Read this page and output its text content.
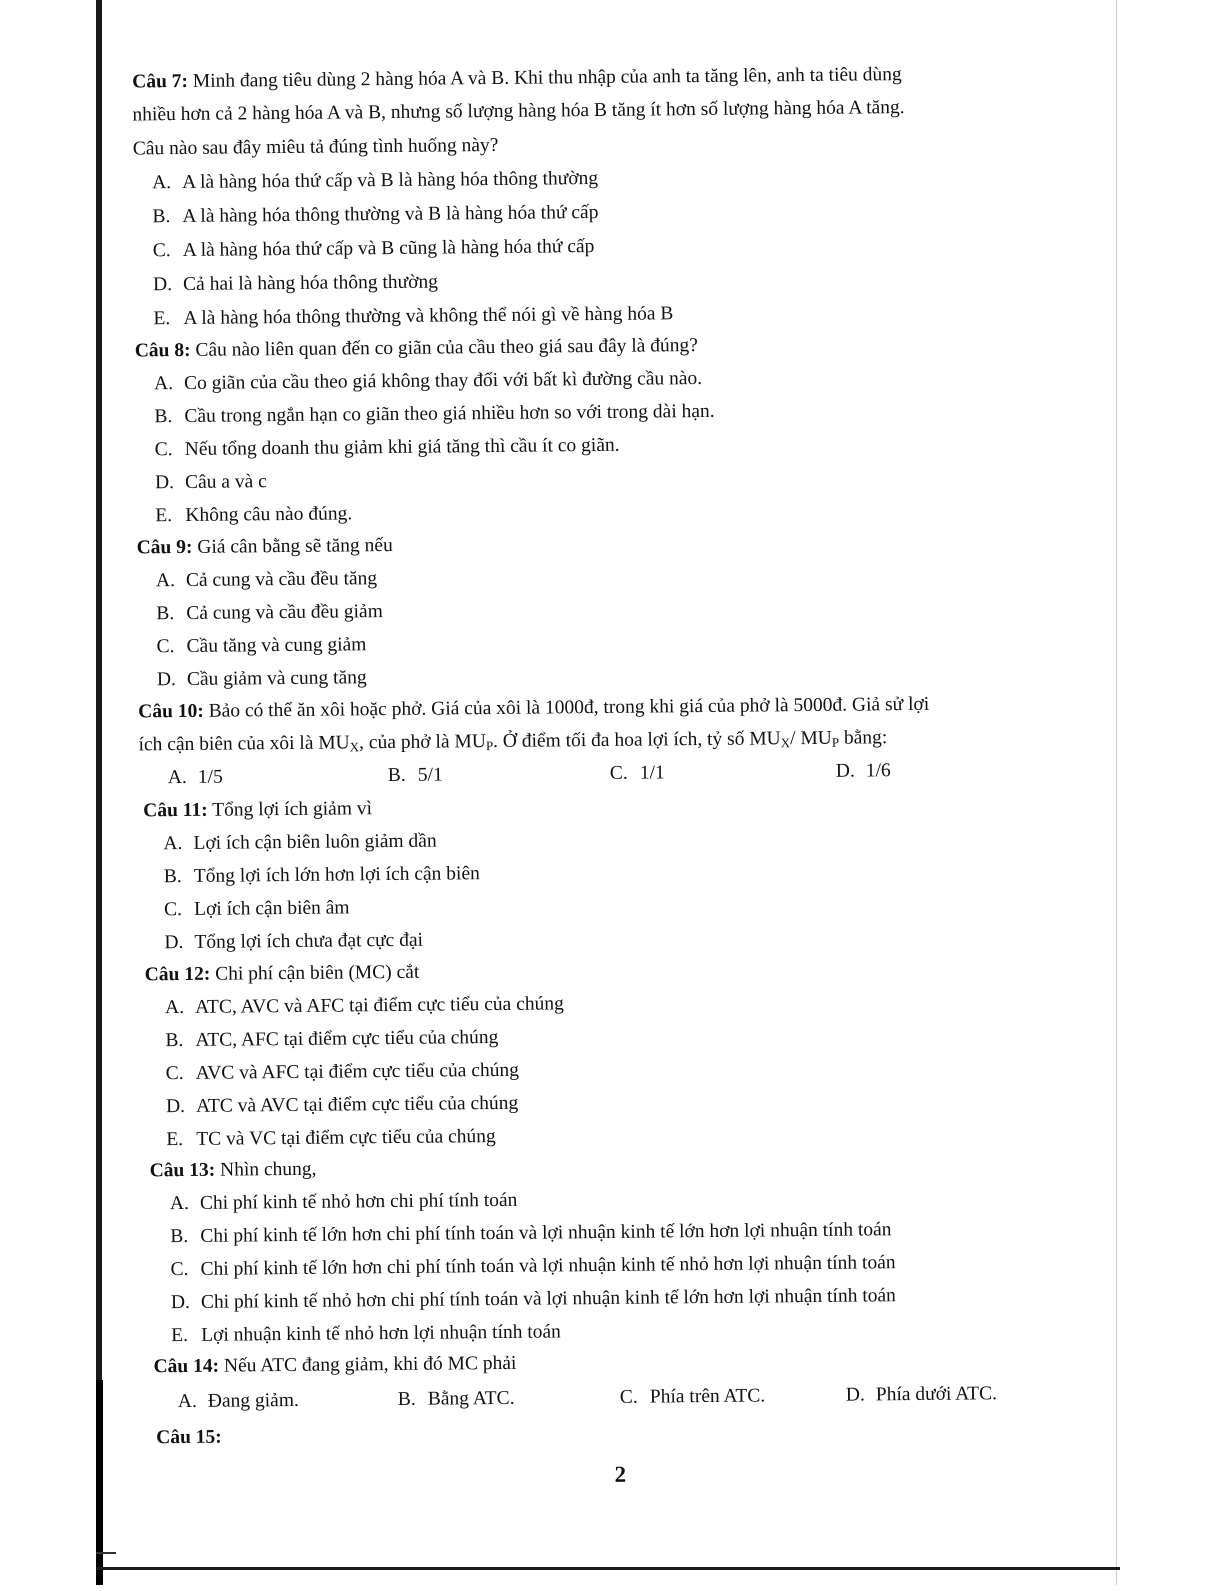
Câu 7: Minh đang tiêu dùng 2 hàng hóa A và B. Khi thu nhập của anh ta tăng lên, anh ta tiêu dùng
nhiều hơn cả 2 hàng hóa A và B, nhưng số lượng hàng hóa B tăng ít hơn số lượng hàng hóa A tăng.
Câu nào sau đây miêu tả đúng tình huống này?
A. A là hàng hóa thứ cấp và B là hàng hóa thông thường
B. A là hàng hóa thông thường và B là hàng hóa thứ cấp
C. A là hàng hóa thứ cấp và B cũng là hàng hóa thứ cấp
D. Cả hai là hàng hóa thông thường
E. A là hàng hóa thông thường và không thể nói gì về hàng hóa B
Câu 8: Câu nào liên quan đến co giãn của cầu theo giá sau đây là đúng?
A. Co giãn của cầu theo giá không thay đổi với bất kì đường cầu nào.
B. Cầu trong ngắn hạn co giãn theo giá nhiều hơn so với trong dài hạn.
C. Nếu tổng doanh thu giảm khi giá tăng thì cầu ít co giãn.
D. Câu a và c
E. Không câu nào đúng.
Câu 9: Giá cân bằng sẽ tăng nếu
A. Cả cung và cầu đều tăng
B. Cả cung và cầu đều giảm
C. Cầu tăng và cung giảm
D. Cầu giảm và cung tăng
Câu 10: Bảo có thể ăn xôi hoặc phở. Giá của xôi là 1000đ, trong khi giá của phở là 5000đ. Giả sử lợi
ích cận biên của xôi là $MU_X$, của phở là $MU_P$. Ở điểm tối đa hoa lợi ích, tỷ số $MU_X/$ $MU_P$ bằng:
A. 1/5	B. 5/1	C. 1/1	D. 1/6
Câu 11: Tổng lợi ích giảm vì
A. Lợi ích cận biên luôn giảm dần
B. Tổng lợi ích lớn hơn lợi ích cận biên
C. Lợi ích cận biên âm
D. Tổng lợi ích chưa đạt cực đại
Câu 12: Chi phí cận biên (MC) cắt
A. ATC, AVC và AFC tại điểm cực tiểu của chúng
B. ATC, AFC tại điểm cực tiểu của chúng
C. AVC và AFC tại điểm cực tiểu của chúng
D. ATC và AVC tại điểm cực tiểu của chúng
E. TC và VC tại điểm cực tiểu của chúng
Câu 13: Nhìn chung,
A. Chi phí kinh tế nhỏ hơn chi phí tính toán
B. Chi phí kinh tế lớn hơn chi phí tính toán và lợi nhuận kinh tế lớn hơn lợi nhuận tính toán
C. Chi phí kinh tế lớn hơn chi phí tính toán và lợi nhuận kinh tế nhỏ hơn lợi nhuận tính toán
D. Chi phí kinh tế nhỏ hơn chi phí tính toán và lợi nhuận kinh tế lớn hơn lợi nhuận tính toán
E. Lợi nhuận kinh tế nhỏ hơn lợi nhuận tính toán
Câu 14: Nếu ATC đang giảm, khi đó MC phải
A. Đang giảm.	B. Bằng ATC.	C. Phía trên ATC.	D. Phía dưới ATC.
Câu 15:
2
